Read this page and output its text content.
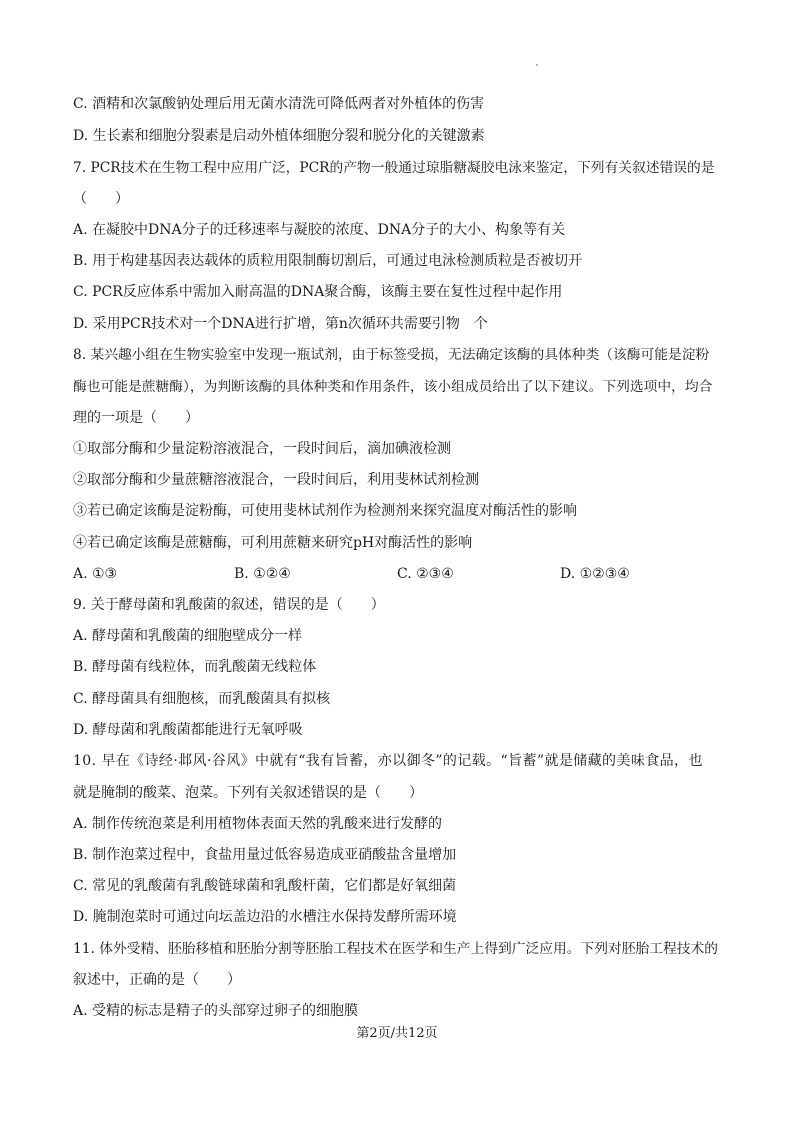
C. 酒精和次氯酸钠处理后用无菌水清洗可降低两者对外植体的伤害
D. 生长素和细胞分裂素是启动外植体细胞分裂和脱分化的关键激素
7. PCR技术在生物工程中应用广泛，PCR的产物一般通过琼脂糖凝胶电泳来鉴定，下列有关叙述错误的是
（　　）
A. 在凝胶中DNA分子的迁移速率与凝胶的浓度、DNA分子的大小、构象等有关
B. 用于构建基因表达载体的质粒用限制酶切割后，可通过电泳检测质粒是否被切开
C. PCR反应体系中需加入耐高温的DNA聚合酶，该酶主要在复性过程中起作用
D. 采用PCR技术对一个DNA进行扩增，第n次循环共需要引物　个
8. 某兴趣小组在生物实验室中发现一瓶试剂，由于标签受损，无法确定该酶的具体种类（该酶可能是淀粉
酶也可能是蔗糖酶），为判断该酶的具体种类和作用条件，该小组成员给出了以下建议。下列选项中，均合
理的一项是（　　）
①取部分酶和少量淀粉溶液混合，一段时间后，滴加碘液检测
②取部分酶和少量蔗糖溶液混合，一段时间后，利用斐林试剂检测
③若已确定该酶是淀粉酶，可使用斐林试剂作为检测剂来探究温度对酶活性的影响
④若已确定该酶是蔗糖酶，可利用蔗糖来研究pH对酶活性的影响
A. ①③	B. ①②④	C. ②③④	D. ①②③④
9. 关于酵母菌和乳酸菌的叙述，错误的是（　　）
A. 酵母菌和乳酸菌的细胞壁成分一样
B. 酵母菌有线粒体，而乳酸菌无线粒体
C. 酵母菌具有细胞核，而乳酸菌具有拟核
D. 酵母菌和乳酸菌都能进行无氧呼吸
10. 早在《诗经·邶风·谷风》中就有“我有旨蓄，亦以御冬”的记载。“旨蓄”就是储藏的美味食品，也
就是腌制的酸菜、泡菜。下列有关叙述错误的是（　　）
A. 制作传统泡菜是利用植物体表面天然的乳酸来进行发酵的
B. 制作泡菜过程中，食盐用量过低容易造成亚硝酸盐含量增加
C. 常见的乳酸菌有乳酸链球菌和乳酸杆菌，它们都是好氧细菌
D. 腌制泡菜时可通过向坛盖边沿的水槽注水保持发酵所需环境
11. 体外受精、胚胎移植和胚胎分割等胚胎工程技术在医学和生产上得到广泛应用。下列对胚胎工程技术的
叙述中，正确的是（　　）
A. 受精的标志是精子的头部穿过卵子的细胞膜
第2页/共12页
